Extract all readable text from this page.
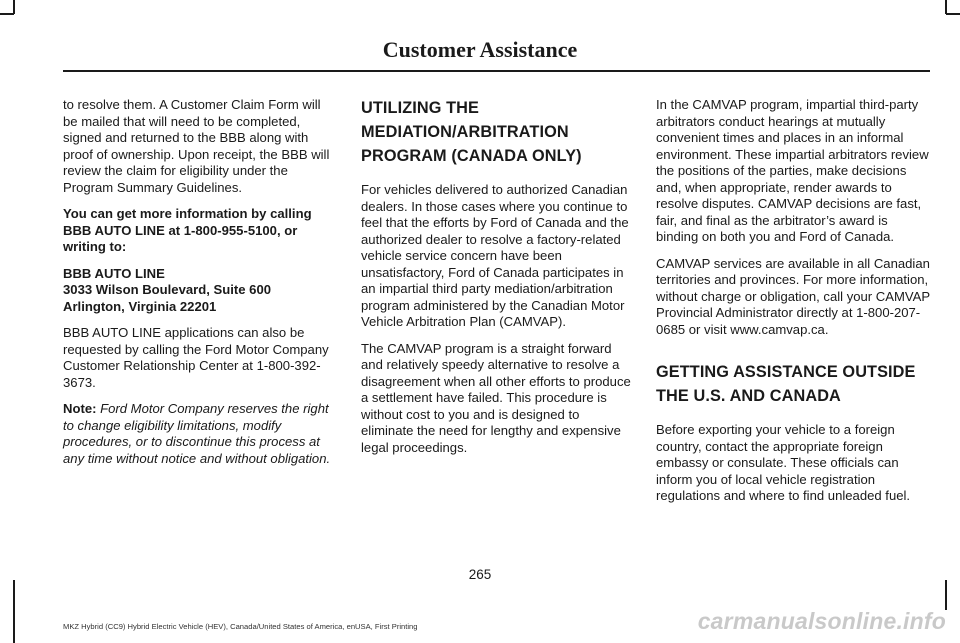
Customer Assistance

to resolve them. A Customer Claim Form will be mailed that will need to be completed, signed and returned to the BBB along with proof of ownership. Upon receipt, the BBB will review the claim for eligibility under the Program Summary Guidelines.

You can get more information by calling BBB AUTO LINE at 1-800-955-5100, or writing to:

BBB AUTO LINE
3033 Wilson Boulevard, Suite 600
Arlington, Virginia 22201

BBB AUTO LINE applications can also be requested by calling the Ford Motor Company Customer Relationship Center at 1-800-392-3673.

Note: Ford Motor Company reserves the right to change eligibility limitations, modify procedures, or to discontinue this process at any time without notice and without obligation.

UTILIZING THE
MEDIATION/ARBITRATION
PROGRAM (CANADA ONLY)

For vehicles delivered to authorized Canadian dealers. In those cases where you continue to feel that the efforts by Ford of Canada and the authorized dealer to resolve a factory-related vehicle service concern have been unsatisfactory, Ford of Canada participates in an impartial third party mediation/arbitration program administered by the Canadian Motor Vehicle Arbitration Plan (CAMVAP).

The CAMVAP program is a straight forward and relatively speedy alternative to resolve a disagreement when all other efforts to produce a settlement have failed. This procedure is without cost to you and is designed to eliminate the need for lengthy and expensive legal proceedings.

In the CAMVAP program, impartial third-party arbitrators conduct hearings at mutually convenient times and places in an informal environment. These impartial arbitrators review the positions of the parties, make decisions and, when appropriate, render awards to resolve disputes. CAMVAP decisions are fast, fair, and final as the arbitrator’s award is binding on both you and Ford of Canada.

CAMVAP services are available in all Canadian territories and provinces. For more information, without charge or obligation, call your CAMVAP Provincial Administrator directly at 1-800-207-0685 or visit www.camvap.ca.

GETTING ASSISTANCE OUTSIDE
THE U.S. AND CANADA

Before exporting your vehicle to a foreign country, contact the appropriate foreign embassy or consulate. These officials can inform you of local vehicle registration regulations and where to find unleaded fuel.

265
MKZ Hybrid (CC9) Hybrid Electric Vehicle (HEV), Canada/United States of America, enUSA, First Printing	carmanualsonline.info
